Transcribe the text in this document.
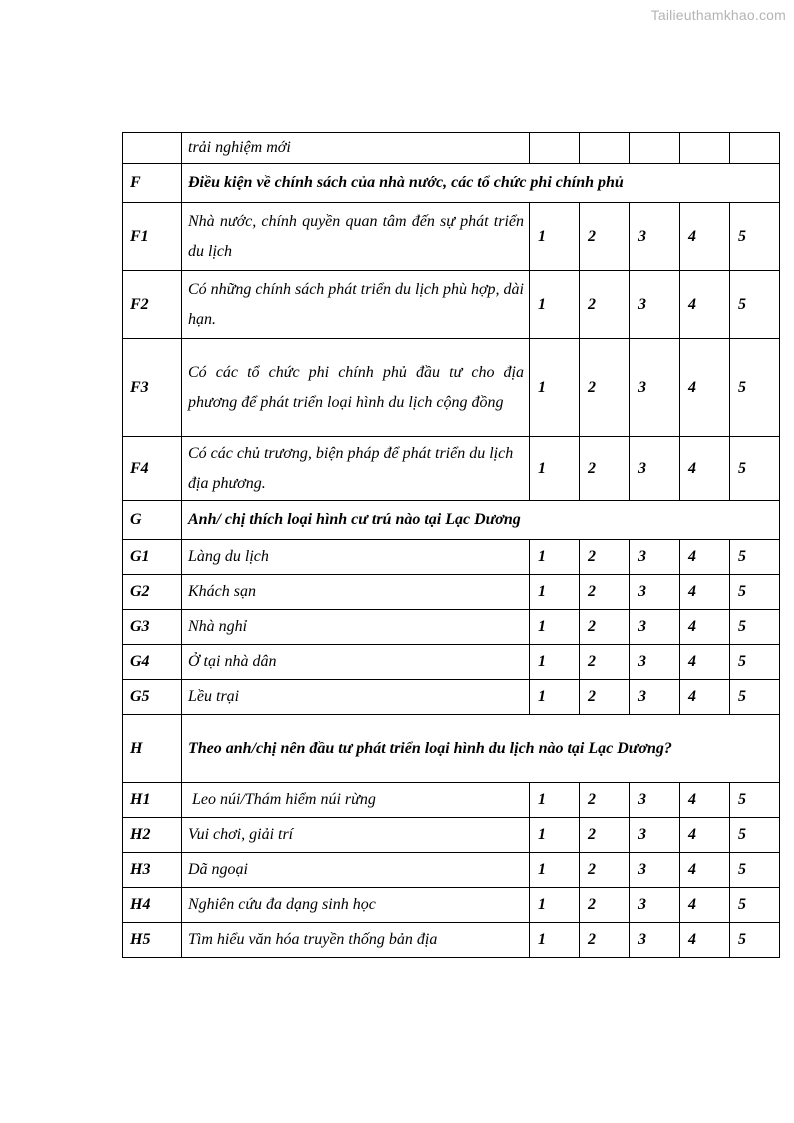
Tailieuthamkhao.com
	trải nghiệm mới					
F	Điều kiện về chính sách của nhà nước, các tổ chức phi chính phủ					
F1	Nhà nước, chính quyền quan tâm đến sự phát triển du lịch	1	2	3	4	5
F2	Có những chính sách phát triển du lịch phù hợp, dài hạn.	1	2	3	4	5
F3	Có các tổ chức phi chính phủ đầu tư cho địa phương để phát triển loại hình du lịch cộng đồng	1	2	3	4	5
F4	Có các chủ trương, biện pháp để phát triển du lịch địa phương.	1	2	3	4	5
G	Anh/ chị thích loại hình cư trú nào tại Lạc Dương					
G1	Làng du lịch	1	2	3	4	5
G2	Khách sạn	1	2	3	4	5
G3	Nhà nghỉ	1	2	3	4	5
G4	Ở tại nhà dân	1	2	3	4	5
G5	Lều trại	1	2	3	4	5
H	Theo anh/chị nên đầu tư phát triển loại hình du lịch nào tại Lạc Dương?					
H1	Leo núi/Thám hiểm núi rừng	1	2	3	4	5
H2	Vui chơi, giải trí	1	2	3	4	5
H3	Dã ngoại	1	2	3	4	5
H4	Nghiên cứu đa dạng sinh học	1	2	3	4	5
H5	Tìm hiểu văn hóa truyền thống bản địa	1	2	3	4	5
